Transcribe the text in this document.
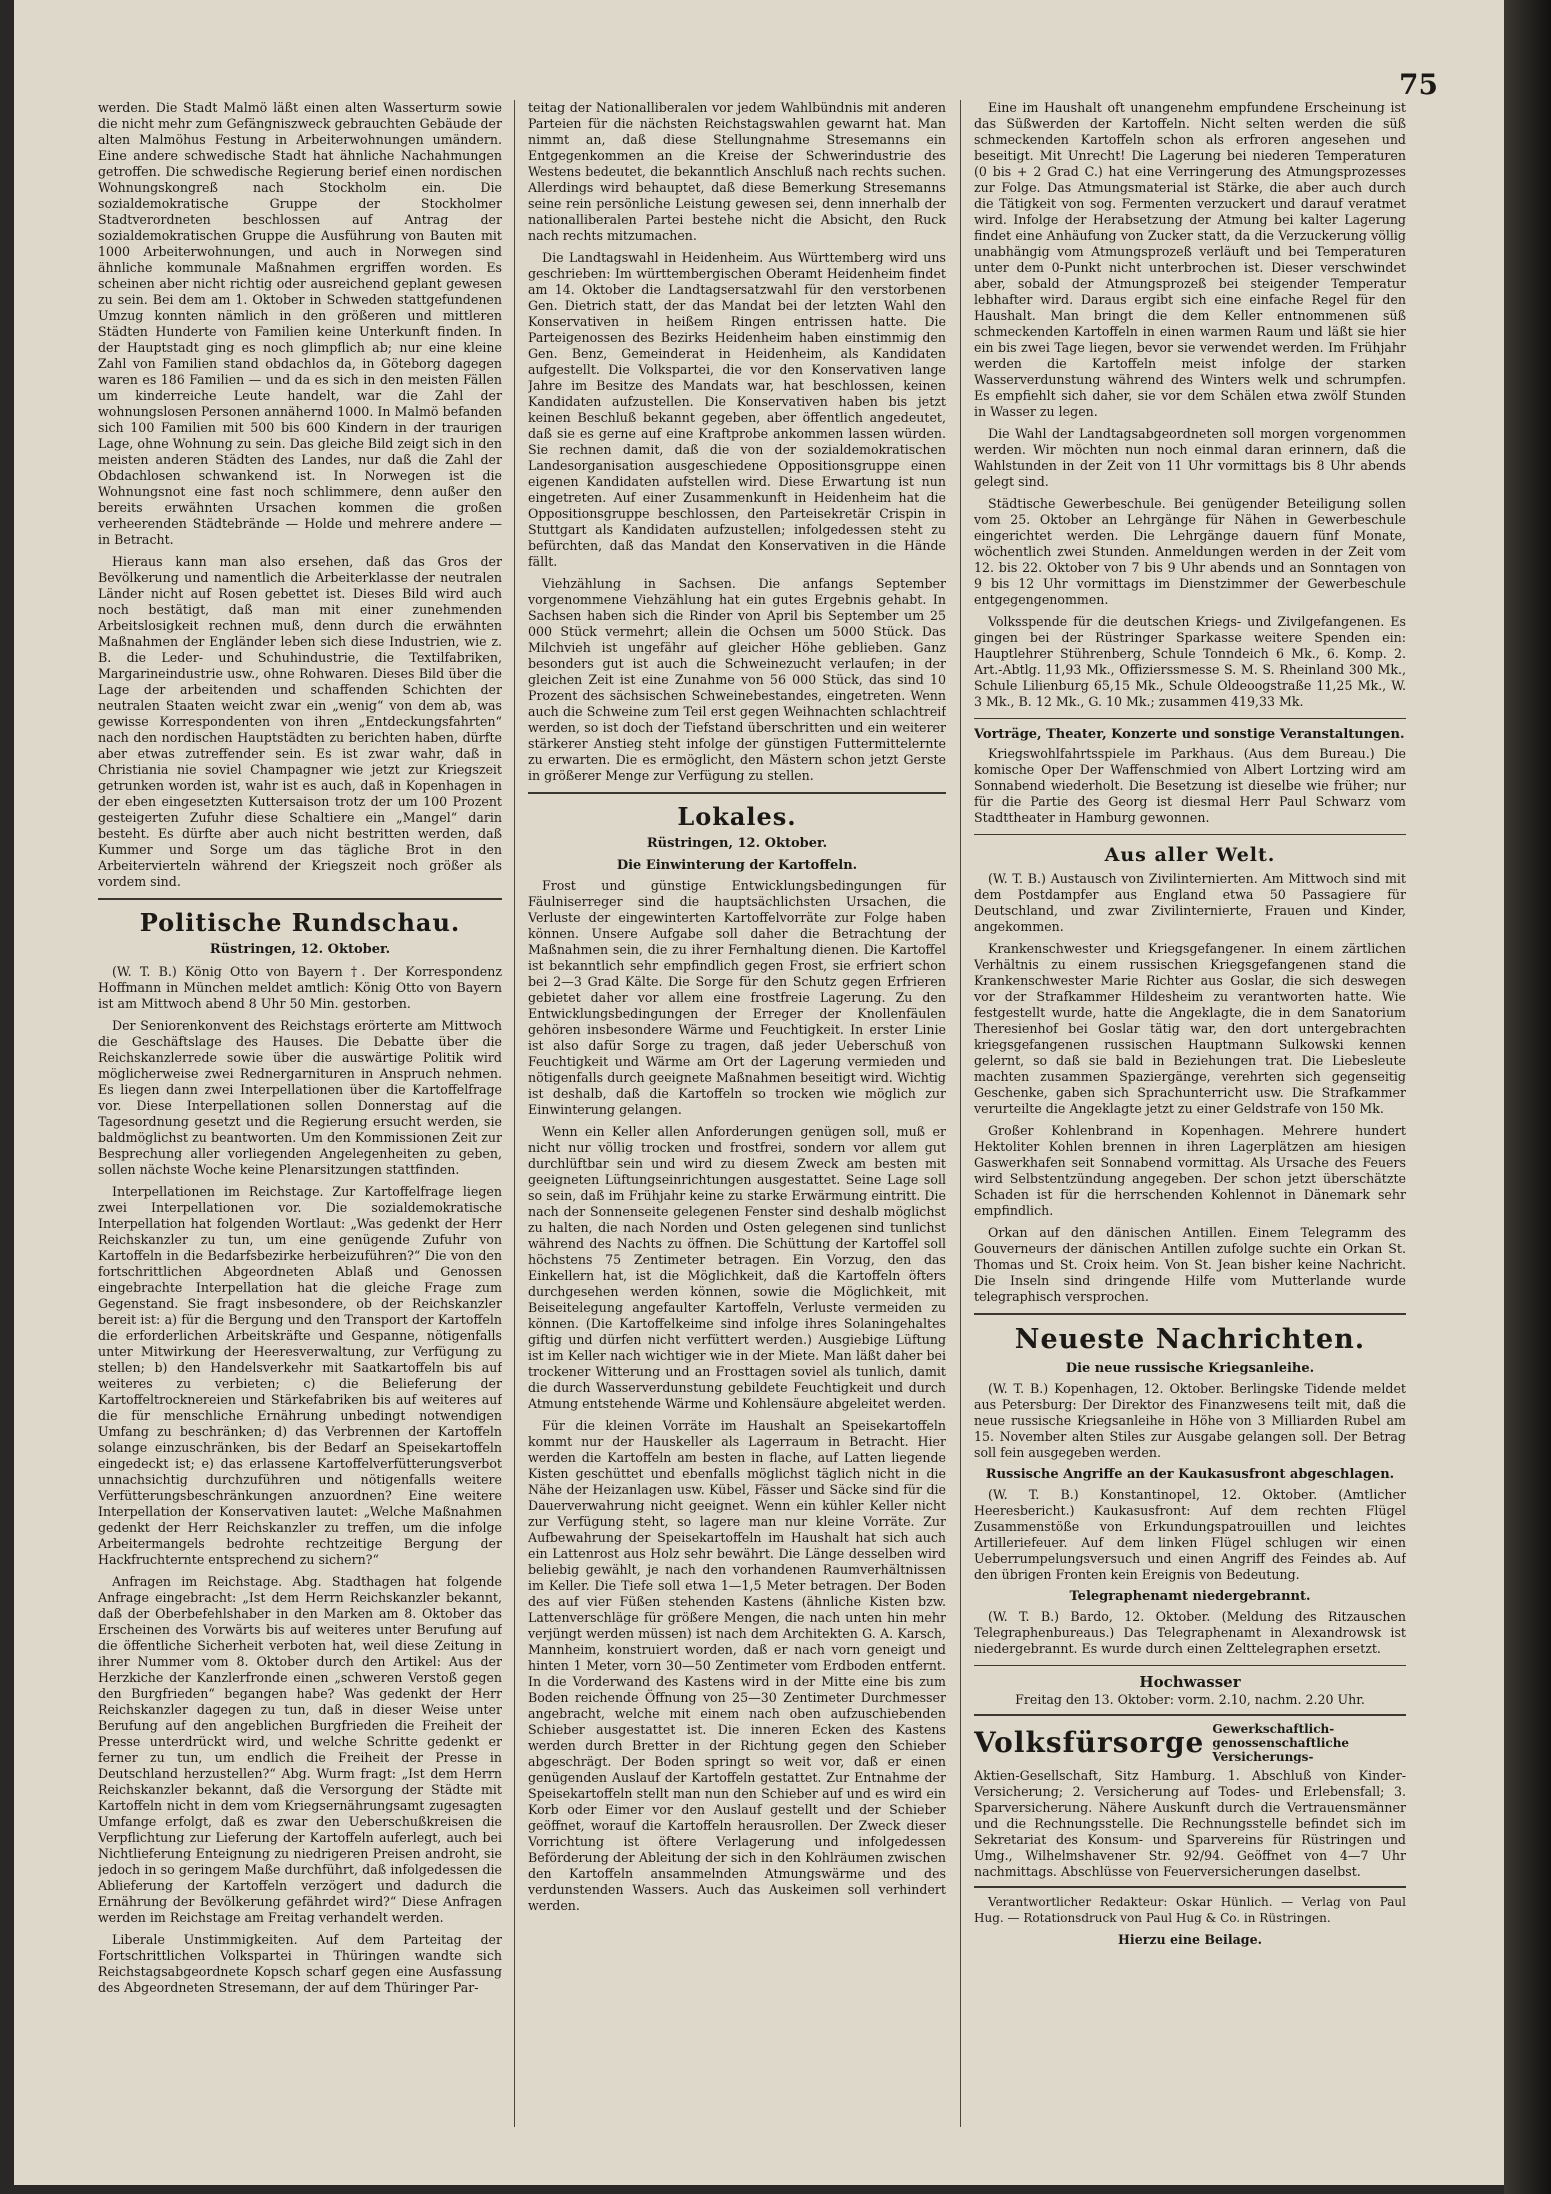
75

werden. Die Stadt Malmö läßt einen alten Wasserturm sowie die nicht mehr zum Gefängniszweck gebrauchten Gebäude der alten Malmöhus Festung in Arbeiterwohnungen umändern. Eine andere schwedische Stadt hat ähnliche Nachahmungen getroffen. Die schwedische Regierung berief einen nordischen Wohnungskongreß nach Stockholm ein. Die sozialdemokratische Gruppe der Stockholmer Stadtverordneten beschlossen auf Antrag der sozialdemokratischen Gruppe die Ausführung von Bauten mit 1000 Arbeiterwohnungen, und auch in Norwegen sind ähnliche kommunale Maßnahmen ergriffen worden. Es scheinen aber nicht richtig oder ausreichend geplant gewesen zu sein. Bei dem am 1. Oktober in Schweden stattgefundenen Umzug konnten nämlich in den größeren und mittleren Städten Hunderte von Familien keine Unterkunft finden. In der Hauptstadt ging es noch glimpflich ab; nur eine kleine Zahl von Familien stand obdachlos da, in Göteborg dagegen waren es 186 Familien — und da es sich in den meisten Fällen um kinderreiche Leute handelt, war die Zahl der wohnungslosen Personen annähernd 1000. In Malmö befanden sich 100 Familien mit 500 bis 600 Kindern in der traurigen Lage, ohne Wohnung zu sein. Das gleiche Bild zeigt sich in den meisten anderen Städten des Landes, nur daß die Zahl der Obdachlosen schwankend ist. In Norwegen ist die Wohnungsnot eine fast noch schlimmere, denn außer den bereits erwähnten Ursachen kommen die großen verheerenden Städtebrände — Holde und mehrere andere — in Betracht.

Hieraus kann man also ersehen, daß das Gros der Bevölkerung und namentlich die Arbeiterklasse der neutralen Länder nicht auf Rosen gebettet ist. Dieses Bild wird auch noch bestätigt, daß man mit einer zunehmenden Arbeitslosigkeit rechnen muß, denn durch die erwähnten Maßnahmen der Engländer leben sich diese Industrien, wie z. B. die Leder- und Schuhindustrie, die Textilfabriken, Margarineindustrie usw., ohne Rohwaren. Dieses Bild über die Lage der arbeitenden und schaffenden Schichten der neutralen Staaten weicht zwar ein „wenig“ von dem ab, was gewisse Korrespondenten von ihren „Entdeckungsfahrten“ nach den nordischen Hauptstädten zu berichten haben, dürfte aber etwas zutreffender sein. Es ist zwar wahr, daß in Christiania nie soviel Champagner wie jetzt zur Kriegszeit getrunken worden ist, wahr ist es auch, daß in Kopenhagen in der eben eingesetzten Kuttersaison trotz der um 100 Prozent gesteigerten Zufuhr diese Schaltiere ein „Mangel“ darin besteht. Es dürfte aber auch nicht bestritten werden, daß Kummer und Sorge um das tägliche Brot in den Arbeitervierteln während der Kriegszeit noch größer als vordem sind.

Politische Rundschau.
Rüstringen, 12. Oktober.

(W. T. B.) König Otto von Bayern †. Der Korrespondenz Hoffmann in München meldet amtlich: König Otto von Bayern ist am Mittwoch abend 8 Uhr 50 Min. gestorben.

Der Seniorenkonvent des Reichstags erörterte am Mittwoch die Geschäftslage des Hauses. Die Debatte über die Reichskanzlerrede sowie über die auswärtige Politik wird möglicherweise zwei Rednergarnituren in Anspruch nehmen. Es liegen dann zwei Interpellationen über die Kartoffelfrage vor. Diese Interpellationen sollen Donnerstag auf die Tagesordnung gesetzt und die Regierung ersucht werden, sie baldmöglichst zu beantworten. Um den Kommissionen Zeit zur Besprechung aller vorliegenden Angelegenheiten zu geben, sollen nächste Woche keine Plenarsitzungen stattfinden.

Interpellationen im Reichstage. Zur Kartoffelfrage liegen zwei Interpellationen vor. Die sozialdemokratische Interpellation hat folgenden Wortlaut: „Was gedenkt der Herr Reichskanzler zu tun, um eine genügende Zufuhr von Kartoffeln in die Bedarfsbezirke herbeizuführen?“ Die von den fortschrittlichen Abgeordneten Ablaß und Genossen eingebrachte Interpellation hat die gleiche Frage zum Gegenstand. Sie fragt insbesondere, ob der Reichskanzler bereit ist: a) für die Bergung und den Transport der Kartoffeln die erforderlichen Arbeitskräfte und Gespanne, nötigenfalls unter Mitwirkung der Heeresverwaltung, zur Verfügung zu stellen; b) den Handelsverkehr mit Saatkartoffeln bis auf weiteres zu verbieten; c) die Belieferung der Kartoffeltrocknereien und Stärkefabriken bis auf weiteres auf die für menschliche Ernährung unbedingt notwendigen Umfang zu beschränken; d) das Verbrennen der Kartoffeln solange einzuschränken, bis der Bedarf an Speisekartoffeln eingedeckt ist; e) das erlassene Kartoffelverfütterungsverbot unnachsichtig durchzuführen und nötigenfalls weitere Verfütterungsbeschränkungen anzuordnen? Eine weitere Interpellation der Konservativen lautet: „Welche Maßnahmen gedenkt der Herr Reichskanzler zu treffen, um die infolge Arbeitermangels bedrohte rechtzeitige Bergung der Hackfruchternte entsprechend zu sichern?“

Anfragen im Reichstage. Abg. Stadthagen hat folgende Anfrage eingebracht: „Ist dem Herrn Reichskanzler bekannt, daß der Oberbefehlshaber in den Marken am 8. Oktober das Erscheinen des Vorwärts bis auf weiteres unter Berufung auf die öffentliche Sicherheit verboten hat, weil diese Zeitung in ihrer Nummer vom 8. Oktober durch den Artikel: Aus der Herzkiche der Kanzlerfronde einen „schweren Verstoß gegen den Burgfrieden“ begangen habe? Was gedenkt der Herr Reichskanzler dagegen zu tun, daß in dieser Weise unter Berufung auf den angeblichen Burgfrieden die Freiheit der Presse unterdrückt wird, und welche Schritte gedenkt er ferner zu tun, um endlich die Freiheit der Presse in Deutschland herzustellen?“ Abg. Wurm fragt: „Ist dem Herrn Reichskanzler bekannt, daß die Versorgung der Städte mit Kartoffeln nicht in dem vom Kriegsernährungsamt zugesagten Umfange erfolgt, daß es zwar den Ueberschußkreisen die Verpflichtung zur Lieferung der Kartoffeln auferlegt, auch bei Nichtlieferung Enteignung zu niedrigeren Preisen androht, sie jedoch in so geringem Maße durchführt, daß infolgedessen die Ablieferung der Kartoffeln verzögert und dadurch die Ernährung der Bevölkerung gefährdet wird?“ Diese Anfragen werden im Reichstage am Freitag verhandelt werden.

Liberale Unstimmigkeiten. Auf dem Parteitag der Fortschrittlichen Volkspartei in Thüringen wandte sich Reichstagsabgeordnete Kopsch scharf gegen eine Ausfassung des Abgeordneten Stresemann, der auf dem Thüringer Par-

teitag der Nationalliberalen vor jedem Wahlbündnis mit anderen Parteien für die nächsten Reichstagswahlen gewarnt hat. Man nimmt an, daß diese Stellungnahme Stresemanns ein Entgegenkommen an die Kreise der Schwerindustrie des Westens bedeutet, die bekanntlich Anschluß nach rechts suchen. Allerdings wird behauptet, daß diese Bemerkung Stresemanns seine rein persönliche Leistung gewesen sei, denn innerhalb der nationalliberalen Partei bestehe nicht die Absicht, den Ruck nach rechts mitzumachen.

Die Landtagswahl in Heidenheim. Aus Württemberg wird uns geschrieben: Im württembergischen Oberamt Heidenheim findet am 14. Oktober die Landtagsersatzwahl für den verstorbenen Gen. Dietrich statt, der das Mandat bei der letzten Wahl den Konservativen in heißem Ringen entrissen hatte. Die Parteigenossen des Bezirks Heidenheim haben einstimmig den Gen. Benz, Gemeinderat in Heidenheim, als Kandidaten aufgestellt. Die Volkspartei, die vor den Konservativen lange Jahre im Besitze des Mandats war, hat beschlossen, keinen Kandidaten aufzustellen. Die Konservativen haben bis jetzt keinen Beschluß bekannt gegeben, aber öffentlich angedeutet, daß sie es gerne auf eine Kraftprobe ankommen lassen würden. Sie rechnen damit, daß die von der sozialdemokratischen Landesorganisation ausgeschiedene Oppositionsgruppe einen eigenen Kandidaten aufstellen wird. Diese Erwartung ist nun eingetreten. Auf einer Zusammenkunft in Heidenheim hat die Oppositionsgruppe beschlossen, den Parteisekretär Crispin in Stuttgart als Kandidaten aufzustellen; infolgedessen steht zu befürchten, daß das Mandat den Konservativen in die Hände fällt.

Viehzählung in Sachsen. Die anfangs September vorgenommene Viehzählung hat ein gutes Ergebnis gehabt. In Sachsen haben sich die Rinder von April bis September um 25 000 Stück vermehrt; allein die Ochsen um 5000 Stück. Das Milchvieh ist ungefähr auf gleicher Höhe geblieben. Ganz besonders gut ist auch die Schweinezucht verlaufen; in der gleichen Zeit ist eine Zunahme von 56 000 Stück, das sind 10 Prozent des sächsischen Schweinebestandes, eingetreten. Wenn auch die Schweine zum Teil erst gegen Weihnachten schlachtreif werden, so ist doch der Tiefstand überschritten und ein weiterer stärkerer Anstieg steht infolge der günstigen Futtermittelernte zu erwarten. Die es ermöglicht, den Mästern schon jetzt Gerste in größerer Menge zur Verfügung zu stellen.

Lokales.
Rüstringen, 12. Oktober.
Die Einwinterung der Kartoffeln.

Frost und günstige Entwicklungsbedingungen für Fäulniserreger sind die hauptsächlichsten Ursachen, die Verluste der eingewinterten Kartoffelvorräte zur Folge haben können. Unsere Aufgabe soll daher die Betrachtung der Maßnahmen sein, die zu ihrer Fernhaltung dienen. Die Kartoffel ist bekanntlich sehr empfindlich gegen Frost, sie erfriert schon bei 2—3 Grad Kälte. Die Sorge für den Schutz gegen Erfrieren gebietet daher vor allem eine frostfreie Lagerung. Zu den Entwicklungsbedingungen der Erreger der Knollenfäulen gehören insbesondere Wärme und Feuchtigkeit. In erster Linie ist also dafür Sorge zu tragen, daß jeder Ueberschuß von Feuchtigkeit und Wärme am Ort der Lagerung vermieden und nötigenfalls durch geeignete Maßnahmen beseitigt wird. Wichtig ist deshalb, daß die Kartoffeln so trocken wie möglich zur Einwinterung gelangen.

Wenn ein Keller allen Anforderungen genügen soll, muß er nicht nur völlig trocken und frostfrei, sondern vor allem gut durchlüftbar sein und wird zu diesem Zweck am besten mit geeigneten Lüftungseinrichtungen ausgestattet. Seine Lage soll so sein, daß im Frühjahr keine zu starke Erwärmung eintritt. Die nach der Sonnenseite gelegenen Fenster sind deshalb möglichst zu halten, die nach Norden und Osten gelegenen sind tunlichst während des Nachts zu öffnen. Die Schüttung der Kartoffel soll höchstens 75 Zentimeter betragen. Ein Vorzug, den das Einkellern hat, ist die Möglichkeit, daß die Kartoffeln öfters durchgesehen werden können, sowie die Möglichkeit, mit Beiseitelegung angefaulter Kartoffeln, Verluste vermeiden zu können. (Die Kartoffelkeime sind infolge ihres Solaningehaltes giftig und dürfen nicht verfüttert werden.) Ausgiebige Lüftung ist im Keller nach wichtiger wie in der Miete. Man läßt daher bei trockener Witterung und an Frosttagen soviel als tunlich, damit die durch Wasserverdunstung gebildete Feuchtigkeit und durch Atmung entstehende Wärme und Kohlensäure abgeleitet werden.

Für die kleinen Vorräte im Haushalt an Speisekartoffeln kommt nur der Hauskeller als Lagerraum in Betracht. Hier werden die Kartoffeln am besten in flache, auf Latten liegende Kisten geschüttet und ebenfalls möglichst täglich nicht in die Nähe der Heizanlagen usw. Kübel, Fässer und Säcke sind für die Dauerverwahrung nicht geeignet. Wenn ein kühler Keller nicht zur Verfügung steht, so lagere man nur kleine Vorräte. Zur Aufbewahrung der Speisekartoffeln im Haushalt hat sich auch ein Lattenrost aus Holz sehr bewährt. Die Länge desselben wird beliebig gewählt, je nach den vorhandenen Raumverhältnissen im Keller. Die Tiefe soll etwa 1—1,5 Meter betragen. Der Boden des auf vier Füßen stehenden Kastens (ähnliche Kisten bzw. Lattenverschläge für größere Mengen, die nach unten hin mehr verjüngt werden müssen) ist nach dem Architekten G. A. Karsch, Mannheim, konstruiert worden, daß er nach vorn geneigt und hinten 1 Meter, vorn 30—50 Zentimeter vom Erdboden entfernt. In die Vorderwand des Kastens wird in der Mitte eine bis zum Boden reichende Öffnung von 25—30 Zentimeter Durchmesser angebracht, welche mit einem nach oben aufzuschiebenden Schieber ausgestattet ist. Die inneren Ecken des Kastens werden durch Bretter in der Richtung gegen den Schieber abgeschrägt. Der Boden springt so weit vor, daß er einen genügenden Auslauf der Kartoffeln gestattet. Zur Entnahme der Speisekartoffeln stellt man nun den Schieber auf und es wird ein Korb oder Eimer vor den Auslauf gestellt und der Schieber geöffnet, worauf die Kartoffeln herausrollen. Der Zweck dieser Vorrichtung ist öftere Verlagerung und infolgedessen Beförderung der Ableitung der sich in den Kohlräumen zwischen den Kartoffeln ansammelnden Atmungswärme und des verdunstenden Wassers. Auch das Auskeimen soll verhindert werden.

Eine im Haushalt oft unangenehm empfundene Erscheinung ist das Süßwerden der Kartoffeln. Nicht selten werden die süß schmeckenden Kartoffeln schon als erfroren angesehen und beseitigt. Mit Unrecht! Die Lagerung bei niederen Temperaturen (0 bis + 2 Grad C.) hat eine Verringerung des Atmungsprozesses zur Folge. Das Atmungsmaterial ist Stärke, die aber auch durch die Tätigkeit von sog. Fermenten verzuckert und darauf veratmet wird. Infolge der Herabsetzung der Atmung bei kalter Lagerung findet eine Anhäufung von Zucker statt, da die Verzuckerung völlig unabhängig vom Atmungsprozeß verläuft und bei Temperaturen unter dem 0-Punkt nicht unterbrochen ist. Dieser verschwindet aber, sobald der Atmungsprozeß bei steigender Temperatur lebhafter wird. Daraus ergibt sich eine einfache Regel für den Haushalt. Man bringt die dem Keller entnommenen süß schmeckenden Kartoffeln in einen warmen Raum und läßt sie hier ein bis zwei Tage liegen, bevor sie verwendet werden. Im Frühjahr werden die Kartoffeln meist infolge der starken Wasserverdunstung während des Winters welk und schrumpfen. Es empfiehlt sich daher, sie vor dem Schälen etwa zwölf Stunden in Wasser zu legen.

Die Wahl der Landtagsabgeordneten soll morgen vorgenommen werden. Wir möchten nun noch einmal daran erinnern, daß die Wahlstunden in der Zeit von 11 Uhr vormittags bis 8 Uhr abends gelegt sind.

Städtische Gewerbeschule. Bei genügender Beteiligung sollen vom 25. Oktober an Lehrgänge für Nähen in Gewerbeschule eingerichtet werden. Die Lehrgänge dauern fünf Monate, wöchentlich zwei Stunden. Anmeldungen werden in der Zeit vom 12. bis 22. Oktober von 7 bis 9 Uhr abends und an Sonntagen von 9 bis 12 Uhr vormittags im Dienstzimmer der Gewerbeschule entgegengenommen.

Volksspende für die deutschen Kriegs- und Zivilgefangenen. Es gingen bei der Rüstringer Sparkasse weitere Spenden ein: Hauptlehrer Stührenberg, Schule Tonndeich 6 Mk., 6. Komp. 2. Art.-Abtlg. 11,93 Mk., Offizierssmesse S. M. S. Rheinland 300 Mk., Schule Lilienburg 65,15 Mk., Schule Oldeoogstraße 11,25 Mk., W. 3 Mk., B. 12 Mk., G. 10 Mk.; zusammen 419,33 Mk.

Vorträge, Theater, Konzerte und sonstige Veranstaltungen.

Kriegswohlfahrtsspiele im Parkhaus. (Aus dem Bureau.) Die komische Oper Der Waffenschmied von Albert Lortzing wird am Sonnabend wiederholt. Die Besetzung ist dieselbe wie früher; nur für die Partie des Georg ist diesmal Herr Paul Schwarz vom Stadttheater in Hamburg gewonnen.

Aus aller Welt.

(W. T. B.) Austausch von Zivilinternierten. Am Mittwoch sind mit dem Postdampfer aus England etwa 50 Passagiere für Deutschland, und zwar Zivilinternierte, Frauen und Kinder, angekommen.

Krankenschwester und Kriegsgefangener. In einem zärtlichen Verhältnis zu einem russischen Kriegsgefangenen stand die Krankenschwester Marie Richter aus Goslar, die sich deswegen vor der Strafkammer Hildesheim zu verantworten hatte. Wie festgestellt wurde, hatte die Angeklagte, die in dem Sanatorium Theresienhof bei Goslar tätig war, den dort untergebrachten kriegsgefangenen russischen Hauptmann Sulkowski kennen gelernt, so daß sie bald in Beziehungen trat. Die Liebesleute machten zusammen Spaziergänge, verehrten sich gegenseitig Geschenke, gaben sich Sprachunterricht usw. Die Strafkammer verurteilte die Angeklagte jetzt zu einer Geldstrafe von 150 Mk.

Großer Kohlenbrand in Kopenhagen. Mehrere hundert Hektoliter Kohlen brennen in ihren Lagerplätzen am hiesigen Gaswerkhafen seit Sonnabend vormittag. Als Ursache des Feuers wird Selbstentzündung angegeben. Der schon jetzt überschätzte Schaden ist für die herrschenden Kohlennot in Dänemark sehr empfindlich.

Orkan auf den dänischen Antillen. Einem Telegramm des Gouverneurs der dänischen Antillen zufolge suchte ein Orkan St. Thomas und St. Croix heim. Von St. Jean bisher keine Nachricht. Die Inseln sind dringende Hilfe vom Mutterlande wurde telegraphisch versprochen.

Neueste Nachrichten.
Die neue russische Kriegsanleihe.

(W. T. B.) Kopenhagen, 12. Oktober. Berlingske Tidende meldet aus Petersburg: Der Direktor des Finanzwesens teilt mit, daß die neue russische Kriegsanleihe in Höhe von 3 Milliarden Rubel am 15. November alten Stiles zur Ausgabe gelangen soll. Der Betrag soll fein ausgegeben werden.

Russische Angriffe an der Kaukasusfront abgeschlagen.

(W. T. B.) Konstantinopel, 12. Oktober. (Amtlicher Heeresbericht.) Kaukasusfront: Auf dem rechten Flügel Zusammenstöße von Erkundungspatrouillen und leichtes Artilleriefeuer. Auf dem linken Flügel schlugen wir einen Ueberrumpelungsversuch und einen Angriff des Feindes ab. Auf den übrigen Fronten kein Ereignis von Bedeutung.

Telegraphenamt niedergebrannt.

(W. T. B.) Bardo, 12. Oktober. (Meldung des Ritzauschen Telegraphenbureaus.) Das Telegraphenamt in Alexandrowsk ist niedergebrannt. Es wurde durch einen Zelttelegraphen ersetzt.

Hochwasser
Freitag den 13. Oktober: vorm. 2.10, nachm. 2.20 Uhr.
Volksfürsorge Gewerkschaftlich-genossenschaftliche Versicherungs-
Aktien-Gesellschaft, Sitz Hamburg. 1. Abschluß von Kinder-Versicherung; 2. Versicherung auf Todes- und Erlebensfall; 3. Sparversicherung. Nähere Auskunft durch die Vertrauensmänner und die Rechnungsstelle. Die Rechnungsstelle befindet sich im Sekretariat des Konsum- und Sparvereins für Rüstringen und Umg., Wilhelmshavener Str. 92/94. Geöffnet von 4—7 Uhr nachmittags. Abschlüsse von Feuerversicherungen daselbst.

Verantwortlicher Redakteur: Oskar Hünlich. — Verlag von Paul Hug. — Rotationsdruck von Paul Hug & Co. in Rüstringen.

Hierzu eine Beilage.
